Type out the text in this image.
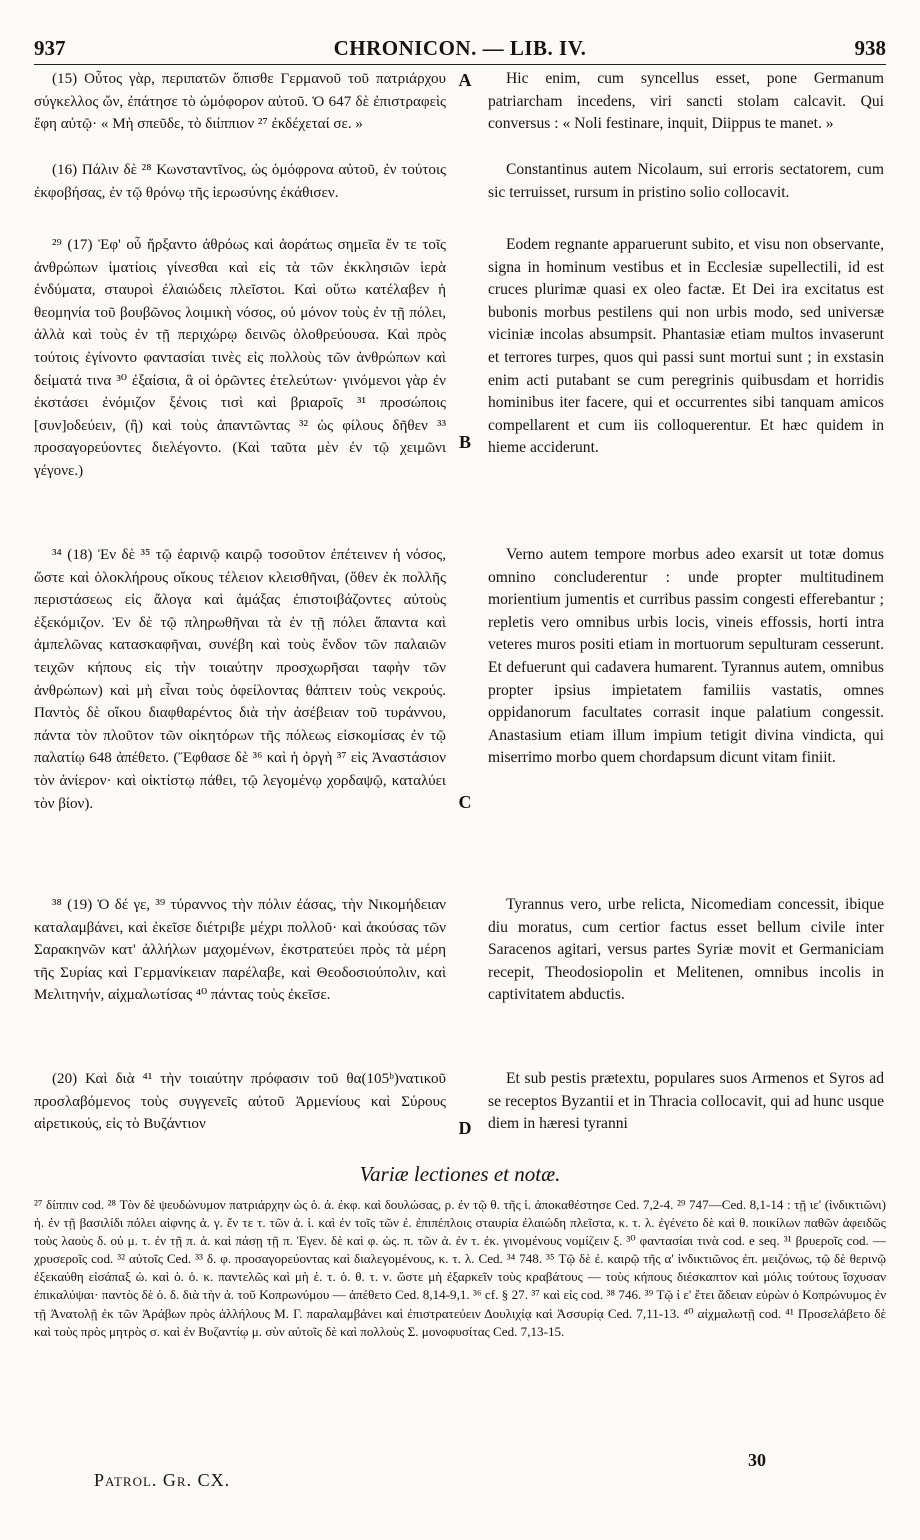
937	CHRONICON. — LIB. IV.	938

(15) Οὗτος γὰρ, περιπατῶν ὄπισθε Γερμανοῦ τοῦ πατριάρχου σύγκελλος ὤν, ἐπάτησε τὸ ὠμόφορον αὐτοῦ. Ὁ 647 δὲ ἐπιστραφεὶς ἔφη αὐτῷ· « Μὴ σπεῦδε, τὸ διίππιον ²⁷ ἐκδέχεταί σε. »

(16) Πάλιν δὲ ²⁸ Κωνσταντῖνος, ὡς ὁμόφρονα αὐτοῦ, ἐν τούτοις ἐκφοβήσας, ἐν τῷ θρόνῳ τῆς ἱερωσύνης ἐκάθισεν.

²⁹ (17) Ἐφ' οὗ ἤρξαντο ἀθρόως καὶ ἀοράτως σημεῖα ἔν τε τοῖς ἀνθρώπων ἱματίοις γίνεσθαι καὶ εἰς τὰ τῶν ἐκκλησιῶν ἱερὰ ἐνδύματα, σταυροὶ ἐλαιώδεις πλεῖστοι. Καὶ οὕτω κατέλαβεν ἡ θεομηνία τοῦ βουβῶνος λοιμικὴ νόσος, οὐ μόνον τοὺς ἐν τῇ πόλει, ἀλλὰ καὶ τοὺς ἐν τῇ περιχώρῳ δεινῶς ὀλοθρεύουσα. Καὶ πρὸς τούτοις ἐγίνοντο φαντασίαι τινὲς εἰς πολλοὺς τῶν ἀνθρώπων καὶ δείματά τινα ³⁰ ἐξαίσια, ἃ οἱ ὁρῶντες ἐτελεύτων· γινόμενοι γὰρ ἐν ἐκστάσει ἐνόμιζον ξένοις τισὶ καὶ βριαροῖς ³¹ προσώποις [συν]οδεύειν, (ἢ) καὶ τοὺς ἀπαντῶντας ³² ὡς φίλους δῆθεν ³³ προσαγορεύοντες διελέγοντο. (Καὶ ταῦτα μὲν ἐν τῷ χειμῶνι γέγονε.)

³⁴ (18) Ἐν δὲ ³⁵ τῷ ἐαρινῷ καιρῷ τοσοῦτον ἐπέτεινεν ἡ νόσος, ὥστε καὶ ὁλοκλήρους οἴκους τέλειον κλεισθῆναι, (ὅθεν ἐκ πολλῆς περιστάσεως εἰς ἄλογα καὶ ἁμάξας ἐπιστοιβάζοντες αὐτοὺς ἐξεκόμιζον. Ἐν δὲ τῷ πληρωθῆναι τὰ ἐν τῇ πόλει ἅπαντα καὶ ἀμπελῶνας κατασκαφῆναι, συνέβη καὶ τοὺς ἔνδον τῶν παλαιῶν τειχῶν κήπους εἰς τὴν τοιαύτην προσχωρῆσαι ταφὴν τῶν ἀνθρώπων) καὶ μὴ εἶναι τοὺς ὀφείλοντας θάπτειν τοὺς νεκρούς. Παντὸς δὲ οἴκου διαφθαρέντος διὰ τὴν ἀσέβειαν τοῦ τυράννου, πάντα τὸν πλοῦτον τῶν οἰκητόρων τῆς πόλεως εἰσκομίσας ἐν τῷ παλατίῳ 648 ἀπέθετο. (Ἔφθασε δὲ ³⁶ καὶ ἡ ὀργὴ ³⁷ εἰς Ἀναστάσιον τὸν ἀνίερον· καὶ οἰκτίστῳ πάθει, τῷ λεγομένῳ χορδαψῷ, καταλύει τὸν βίον).

³⁸ (19) Ὁ δέ γε, ³⁹ τύραννος τὴν πόλιν ἐάσας, τὴν Νικομήδειαν καταλαμβάνει, καὶ ἐκεῖσε διέτριβε μέχρι πολλοῦ· καὶ ἀκούσας τῶν Σαρακηνῶν κατ' ἀλλήλων μαχομένων, ἐκστρατεύει πρὸς τὰ μέρη τῆς Συρίας καὶ Γερμανίκειαν παρέλαβε, καὶ Θεοδοσιούπολιν, καὶ Μελιτηνήν, αἰχμαλωτίσας ⁴⁰ πάντας τοὺς ἐκεῖσε.

(20) Καὶ διὰ ⁴¹ τὴν τοιαύτην πρόφασιν τοῦ θα(105ᵇ)νατικοῦ προσλαβόμενος τοὺς συγγενεῖς αὐτοῦ Ἀρμενίους καὶ Σύρους αἱρετικούς, εἰς τὸ Βυζάντιον

A
B
C
D

Hic enim, cum syncellus esset, pone Germanum patriarcham incedens, viri sancti stolam calcavit. Qui conversus : « Noli festinare, inquit, Diippus te manet. »

Constantinus autem Nicolaum, sui erroris sectatorem, cum sic terruisset, rursum in pristino solio collocavit.

Eodem regnante apparuerunt subito, et visu non observante, signa in hominum vestibus et in Ecclesiæ supellectili, id est cruces plurimæ quasi ex oleo factæ. Et Dei ira excitatus est bubonis morbus pestilens qui non urbis modo, sed universæ viciniæ incolas absumpsit. Phantasiæ etiam multos invaserunt et terrores turpes, quos qui passi sunt mortui sunt ; in exstasin enim acti putabant se cum peregrinis quibusdam et horridis hominibus iter facere, qui et occurrentes sibi tanquam amicos compellarent et cum iis colloquerentur. Et hæc quidem in hieme acciderunt.

Verno autem tempore morbus adeo exarsit ut totæ domus omnino concluderentur : unde propter multitudinem morientium jumentis et curribus passim congesti efferebantur ; repletis vero omnibus urbis locis, vineis effossis, horti intra veteres muros positi etiam in mortuorum sepulturam cesserunt. Et defuerunt qui cadavera humarent. Tyrannus autem, omnibus propter ipsius impietatem familiis vastatis, omnes oppidanorum facultates corrasit inque palatium congessit. Anastasium etiam illum impium tetigit divina vindicta, qui miserrimo morbo quem chordapsum dicunt vitam finiit.

Tyrannus vero, urbe relicta, Nicomediam concessit, ibique diu moratus, cum certior factus esset bellum civile inter Saracenos agitari, versus partes Syriæ movit et Germaniciam recepit, Theodosiopolin et Melitenen, omnibus incolis in captivitatem abductis.

Et sub pestis prætextu, populares suos Armenos et Syros ad se receptos Byzantii et in Thracia collocavit, qui ad hunc usque diem in hæresi tyranni

Variæ lectiones et notæ.
²⁷ δίππιν cod. ²⁸ Τὸν δὲ ψευδώνυμον πατριάρχην ὡς ὁ. ἀ. ἐκφ. καὶ δουλώσας, ρ. ἐν τῷ θ. τῆς ἱ. ἀποκαθέστησε Ced. 7,2-4. ²⁹ 747—Ced. 8,1-14 : τῇ ιε' (ἰνδικτιῶνι) ἡ. ἐν τῇ βασιλίδι πόλει αἰφνης ἀ. γ. ἔν τε τ. τῶν ἀ. ἱ. καὶ ἐν τοῖς τῶν ἐ. ἐπιπέπλοις σταυρία ἐλαιώδη πλεῖστα, κ. τ. λ. ἐγένετο δὲ καὶ θ. ποικίλων παθῶν ἀφειδῶς τοὺς λαοὺς δ. οὐ μ. τ. ἐν τῇ π. ἀ. καὶ πάσῃ τῇ π. Ἐγεν. δὲ καὶ φ. ὡς. π. τῶν ἀ. ἐν τ. ἐκ. γινομένους νομίζειν ξ. ³⁰ φαντασίαι τινὰ cod. e seq. ³¹ βρυεροῖς cod. — χρυσεροῖς cod. ³² αὐτοῖς Ced. ³³ δ. φ. προσαγορεύοντας καὶ διαλεγομένους, κ. τ. λ. Ced. ³⁴ 748. ³⁵ Τῷ δὲ ἐ. καιρῷ τῆς α' ἰνδικτιῶνος ἐπ. μειζόνως, τῷ δὲ θερινῷ ἐξεκαύθη εἰσάπαξ ὡ. καὶ ὁ. ὁ. κ. παντελῶς καὶ μὴ ἑ. τ. ὁ. θ. τ. ν. ὥστε μὴ ἐξαρκεῖν τοὺς κραβάτους — τοὺς κήπους διέσκαπτον καὶ μόλις τούτους ἴσχυσαν ἐπικαλύψαι· παντὸς δὲ ὁ. δ. διὰ τὴν ἀ. τοῦ Κοπρωνύμου — ἀπέθετο Ced. 8,14-9,1. ³⁶ cf. § 27. ³⁷ καὶ εἰς cod. ³⁸ 746. ³⁹ Τῷ ἰ ε' ἔτει ἄδειαν εὑρὼν ὁ Κοπρώνυμος ἐν τῇ Ἀνατολῇ ἐκ τῶν Ἀράβων πρὸς ἀλλήλους Μ. Γ. παραλαμβάνει καὶ ἐπιστρατεύειν Δουλιχίᾳ καὶ Ἀσσυρίᾳ Ced. 7,11-13. ⁴⁰ αἰχμαλωτῇ cod. ⁴¹ Προσελάβετο δὲ καὶ τοὺς πρὸς μητρὸς σ. καὶ ἐν Βυζαντίῳ μ. σὺν αὐτοῖς δὲ καὶ πολλοὺς Σ. μονοφυσίτας Ced. 7,13-15.
Patrol. Gr. CX.
30
